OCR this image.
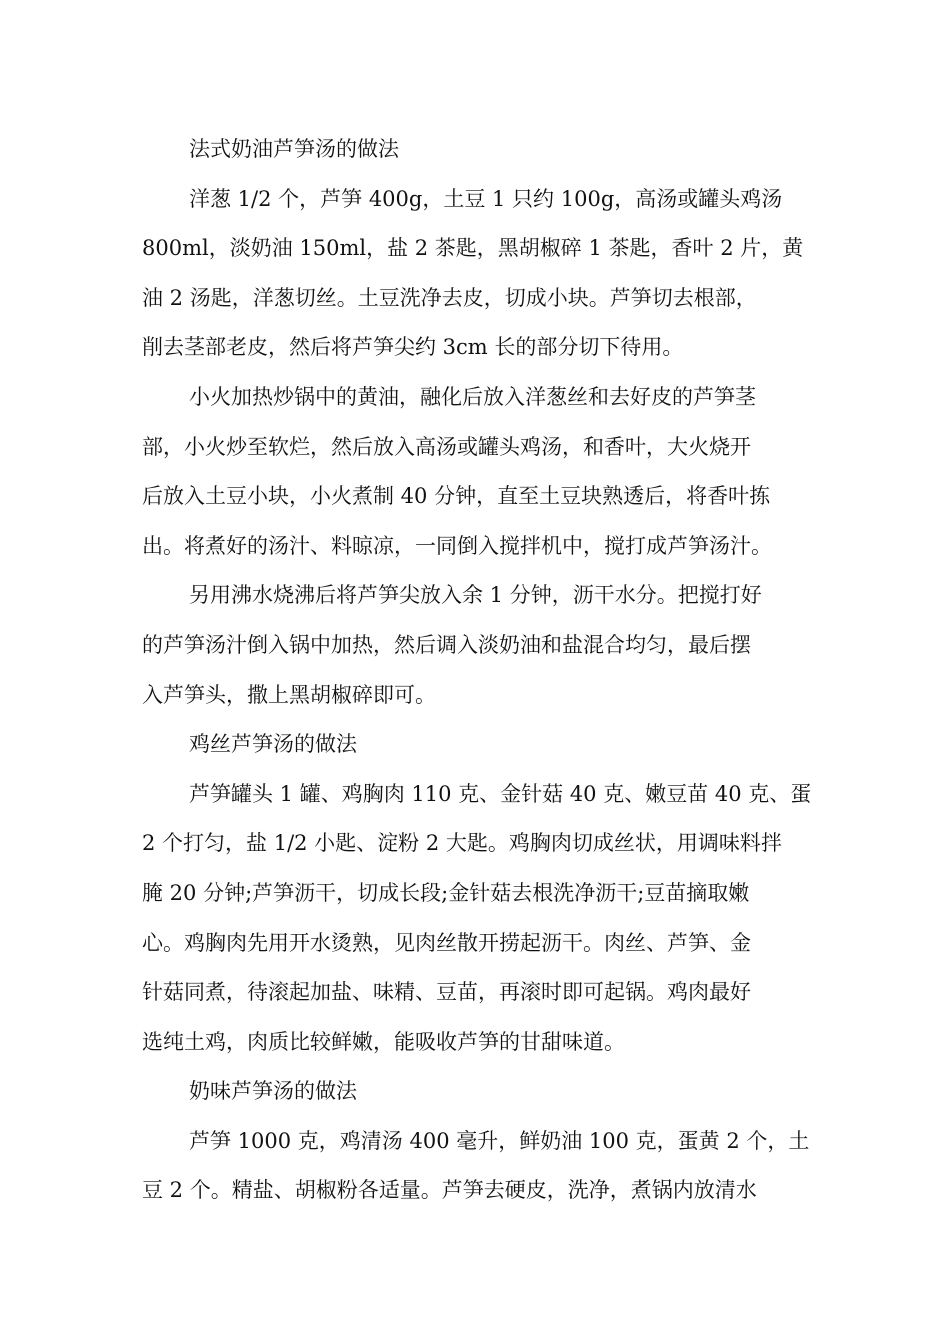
法式奶油芦笋汤的做法
洋葱 1/2 个，芦笋 400g，土豆 1 只约 100g，高汤或罐头鸡汤
800ml，淡奶油 150ml，盐 2 茶匙，黑胡椒碎 1 茶匙，香叶 2 片，黄
油 2 汤匙，洋葱切丝。土豆洗净去皮，切成小块。芦笋切去根部，
削去茎部老皮，然后将芦笋尖约 3cm 长的部分切下待用。
小火加热炒锅中的黄油，融化后放入洋葱丝和去好皮的芦笋茎
部，小火炒至软烂，然后放入高汤或罐头鸡汤，和香叶，大火烧开
后放入土豆小块，小火煮制 40 分钟，直至土豆块熟透后，将香叶拣
出。将煮好的汤汁、料晾凉，一同倒入搅拌机中，搅打成芦笋汤汁。
另用沸水烧沸后将芦笋尖放入余 1 分钟，沥干水分。把搅打好
的芦笋汤汁倒入锅中加热，然后调入淡奶油和盐混合均匀，最后摆
入芦笋头，撒上黑胡椒碎即可。
鸡丝芦笋汤的做法
芦笋罐头 1 罐、鸡胸肉 110 克、金针菇 40 克、嫩豆苗 40 克、蛋
2 个打匀，盐 1/2 小匙、淀粉 2 大匙。鸡胸肉切成丝状，用调味料拌
腌 20 分钟;芦笋沥干，切成长段;金针菇去根洗净沥干;豆苗摘取嫩
心。鸡胸肉先用开水烫熟，见肉丝散开捞起沥干。肉丝、芦笋、金
针菇同煮，待滚起加盐、味精、豆苗，再滚时即可起锅。鸡肉最好
选纯土鸡，肉质比较鲜嫩，能吸收芦笋的甘甜味道。
奶味芦笋汤的做法
芦笋 1000 克，鸡清汤 400 毫升，鲜奶油 100 克，蛋黄 2 个，土
豆 2 个。精盐、胡椒粉各适量。芦笋去硬皮，洗净，煮锅内放清水
